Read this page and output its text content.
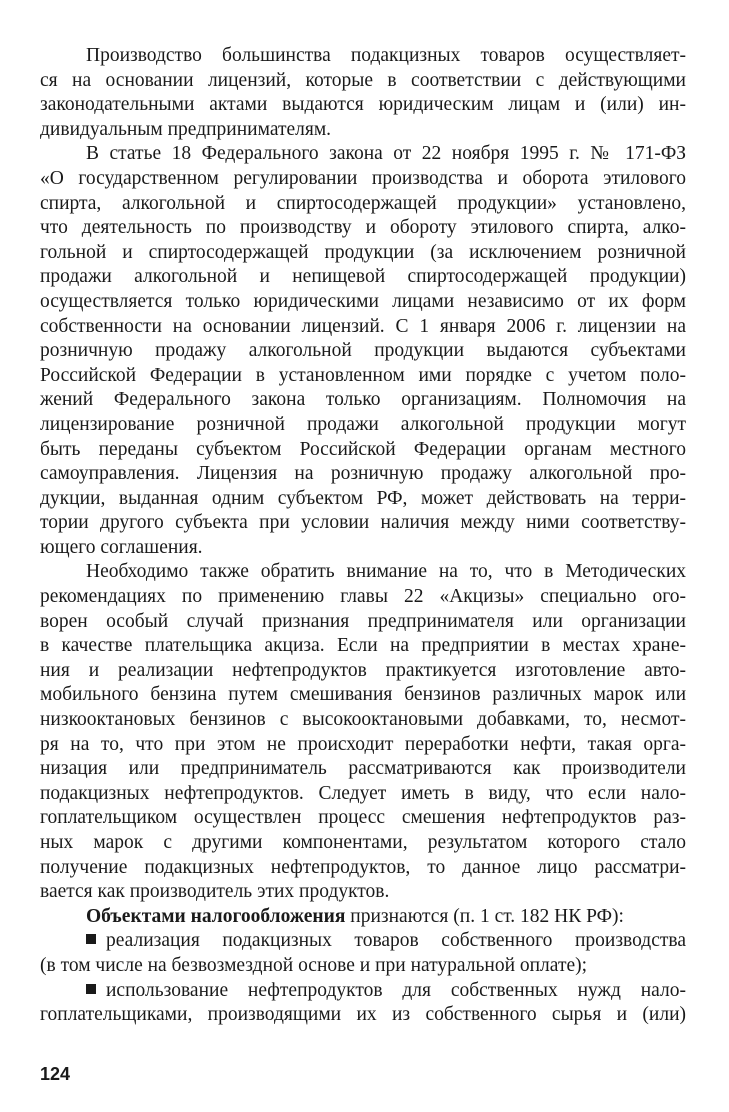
Производство большинства подакцизных товаров осуществляет-
ся на основании лицензий, которые в соответствии с действующими
законодательными актами выдаются юридическим лицам и (или) ин-
дивидуальным предпринимателям.
В статье 18 Федерального закона от 22 ноября 1995 г. № 171-ФЗ
«О государственном регулировании производства и оборота этилового
спирта, алкогольной и спиртосодержащей продукции» установлено,
что деятельность по производству и обороту этилового спирта, алко-
гольной и спиртосодержащей продукции (за исключением розничной
продажи алкогольной и непищевой спиртосодержащей продукции)
осуществляется только юридическими лицами независимо от их форм
собственности на основании лицензий. С 1 января 2006 г. лицензии на
розничную продажу алкогольной продукции выдаются субъектами
Российской Федерации в установленном ими порядке с учетом поло-
жений Федерального закона только организациям. Полномочия на
лицензирование розничной продажи алкогольной продукции могут
быть переданы субъектом Российской Федерации органам местного
самоуправления. Лицензия на розничную продажу алкогольной про-
дукции, выданная одним субъектом РФ, может действовать на терри-
тории другого субъекта при условии наличия между ними соответству-
ющего соглашения.
Необходимо также обратить внимание на то, что в Методических
рекомендациях по применению главы 22 «Акцизы» специально ого-
ворен особый случай признания предпринимателя или организации
в качестве плательщика акциза. Если на предприятии в местах хране-
ния и реализации нефтепродуктов практикуется изготовление авто-
мобильного бензина путем смешивания бензинов различных марок или
низкооктановых бензинов с высокооктановыми добавками, то, несмот-
ря на то, что при этом не происходит переработки нефти, такая орга-
низация или предприниматель рассматриваются как производители
подакцизных нефтепродуктов. Следует иметь в виду, что если нало-
гоплательщиком осуществлен процесс смешения нефтепродуктов раз-
ных марок с другими компонентами, результатом которого стало
получение подакцизных нефтепродуктов, то данное лицо рассматри-
вается как производитель этих продуктов.
Объектами налогообложения признаются (п. 1 ст. 182 НК РФ):
реализация подакцизных товаров собственного производства
(в том числе на безвозмездной основе и при натуральной оплате);
использование нефтепродуктов для собственных нужд нало-
гоплательщиками, производящими их из собственного сырья и (или)
124
